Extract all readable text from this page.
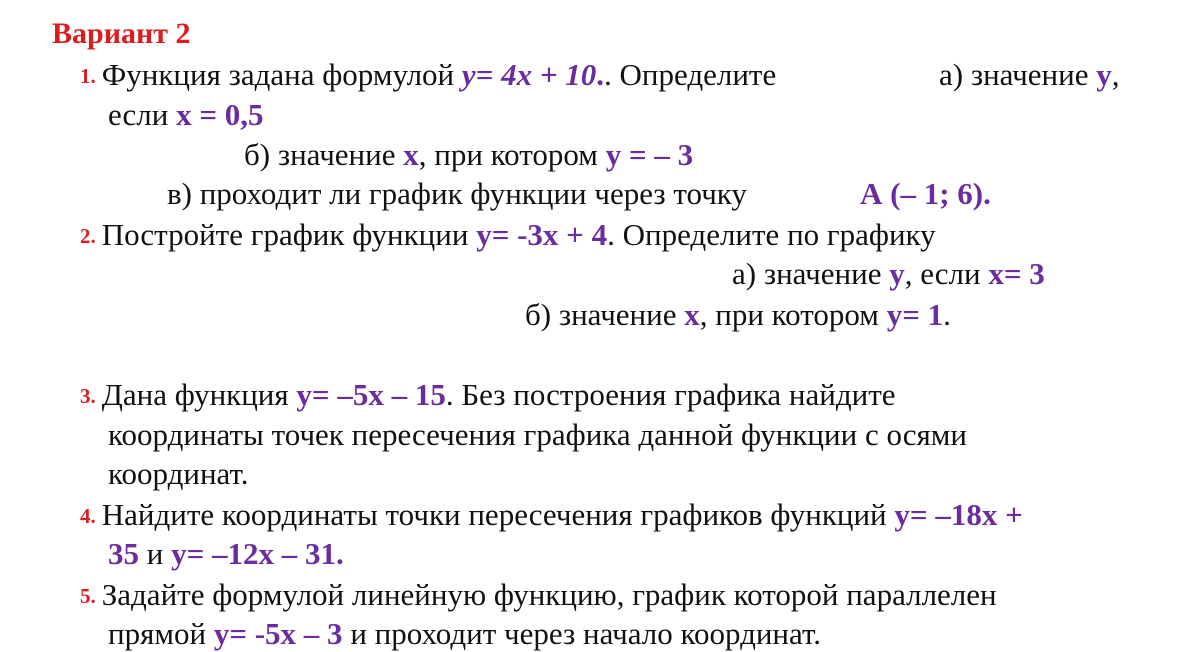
Вариант 2
1. Функция задана формулой y= 4x + 10.. Определите	а) значение y,
если x = 0,5
б) значение x, при котором y = – 3
в) проходит ли график функции через точку	А (– 1; 6).
2. Постройте график функции y= -3x + 4. Определите по графику
а) значение y, если x= 3
б) значение x, при котором y= 1.
3. Дана функция y= –5x – 15. Без построения графика найдите
координаты точек пересечения графика данной функции с осями
координат.
4. Найдите координаты точки пересечения графиков функций y= –18x +
35 и y= –12x – 31.
5. Задайте формулой линейную функцию, график которой параллелен
прямой y= -5x – 3 и проходит через начало координат.
